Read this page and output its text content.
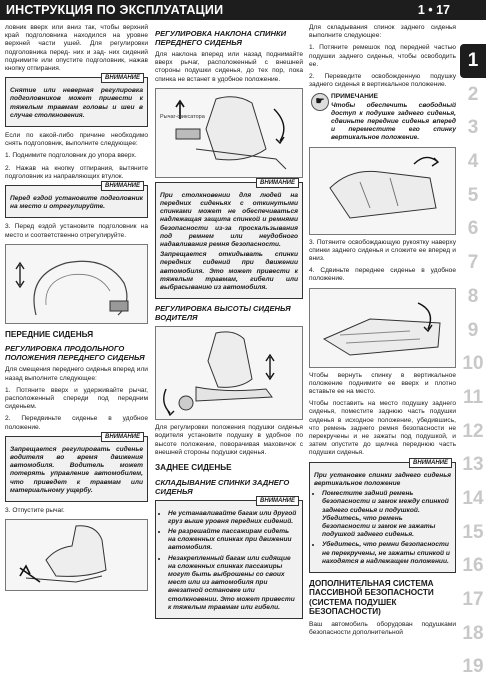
ИНСТРУКЦИЯ ПО ЭКСПЛУАТАЦИИ	1 • 17
1
2
3
4
5
6
7
8
9
10
11
12
13
14
15
16
17
18
19

ловник вверх или вниз так, чтобы верхний край подголовника находился на уровне верхней части ушей. Для регулировки подголовника перед- них и зад- них сидений поднимите или опустите подголовник, нажав кнопку отпирания.

ВНИМАНИЕ

Снятие или неверная регулировка подголовников может привести к тяжелым травмам головы и шеи в случае столкновения.

Если по какой-либо причине необходимо снять подголовник, выполните следующее:

1. Поднимите подголовник до упора вверх.

2. Нажав на кнопку отпирания, вытяните подголовник из направляющих втулок.

ВНИМАНИЕ

Перед ездой установите подголовник на место и отрегулируйте.

3. Перед ездой установите подголовник на место и соответственно отрегулируйте.

ПЕРЕДНИЕ СИДЕНЬЯ
РЕГУЛИРОВКА ПРОДОЛЬНОГО ПОЛОЖЕНИЯ ПЕРЕДНЕГО СИДЕНЬЯ

Для смещения переднего сиденья вперед или назад выполните следующее:

1. Потяните вверх и удерживайте рычаг, расположенный спереди под передним сиденьем.

2. Передвиньте сиденье в удобное положение.

ВНИМАНИЕ

Запрещается регулировать сиденье водителя во время движения автомобиля. Водитель может потерять управление автомобилем, что приведет к травмам или материальному ущербу.

3. Отпустите рычаг.

РЕГУЛИРОВКА НАКЛОНА СПИНКИ ПЕРЕДНЕГО СИДЕНЬЯ

Для наклона вперед или назад поднимайте вверх рычаг, расположенный с внешней стороны подушки сиденья, до тех пор, пока спинка не встанет в удобное положение.

Рычаг-фиксатора
ВНИМАНИЕ

При столкновении для людей на передних сиденьях с откинутыми спинками может не обеспечиваться надлежащая защита спинкой и ремнями безопасности из-за проскальзывания под ремнем или неудобного надавливания ремня безопасности.

Запрещается откидывать спинки передних сидений при движении автомобиля. Это может привести к тяжелым травмам, гибели или выбрасыванию из автомобиля.

РЕГУЛИРОВКА ВЫСОТЫ СИДЕНЬЯ ВОДИТЕЛЯ

Для регулировки положения подушки сиденья водителя установите подушку в удобное по высоте положение, поворачивая маховичок с внешней стороны подушки сиденья.

ЗАДНЕЕ СИДЕНЬЕ
СКЛАДЫВАНИЕ СПИНКИ ЗАДНЕГО СИДЕНЬЯ
ВНИМАНИЕ
• Не устанавливайте багаж или другой груз выше уровня передних сидений.
• Не разрешайте пассажирам сидеть на сложенных спинках при движении автомобиля.
• Незакрепленный багаж или сидящие на сложенных спинках пассажиры могут быть выброшены со своих мест или из автомобиля при внезапной остановке или столкновении. Это может привести к тяжелым травмам или гибели.

Для складывания спинок заднего сиденья выполните следующее:

1. Потяните ремешок под передней частью подушки заднего сиденья, чтобы освободить ее.

2. Переведите освобожденную подушку заднего сиденья в вертикальное положение.

☛ ПРИМЕЧАНИЕ

Чтобы обеспечить свободный доступ к подушке заднего сиденья, сдвиньте передние сиденья вперед и переместите его спинку вертикальное положение.

3. Потяните освобождающую рукоятку наверху спинки заднего сиденья и сложите ее вперед и вниз.

4. Сдвиньте переднее сиденье в удобное положение.

Чтобы вернуть спинку в вертикальное положение поднимите ее вверх и плотно вставьте ее на место.

Чтобы поставить на место подушку заднего сиденья, поместите заднюю часть подушки сиденья в исходное положение, убедившись, что ремень заднего ремня безопасности не перекручены и не зажаты под подушкой, и затем опустите до щелчка переднюю часть подушки сиденья.

ВНИМАНИЕ

При установке спинки заднего сиденья вертикальное положение

• Поместите задний ремень безопасности и замок между спинкой заднего сиденья и подушкой. Убедитесь, что ремень безопасности и замок не зажаты подушкой заднего сиденья.
• Убедитесь, что ремни безопасности не перекручены, не зажаты спинкой и находятся в надлежащем положении.
ДОПОЛНИТЕЛЬНАЯ СИСТЕМА ПАССИВНОЙ БЕЗОПАСНОСТИ (СИСТЕМА ПОДУШЕК БЕЗОПАСНОСТИ)

Ваш автомобиль оборудован подушками безопасности дополнительной
